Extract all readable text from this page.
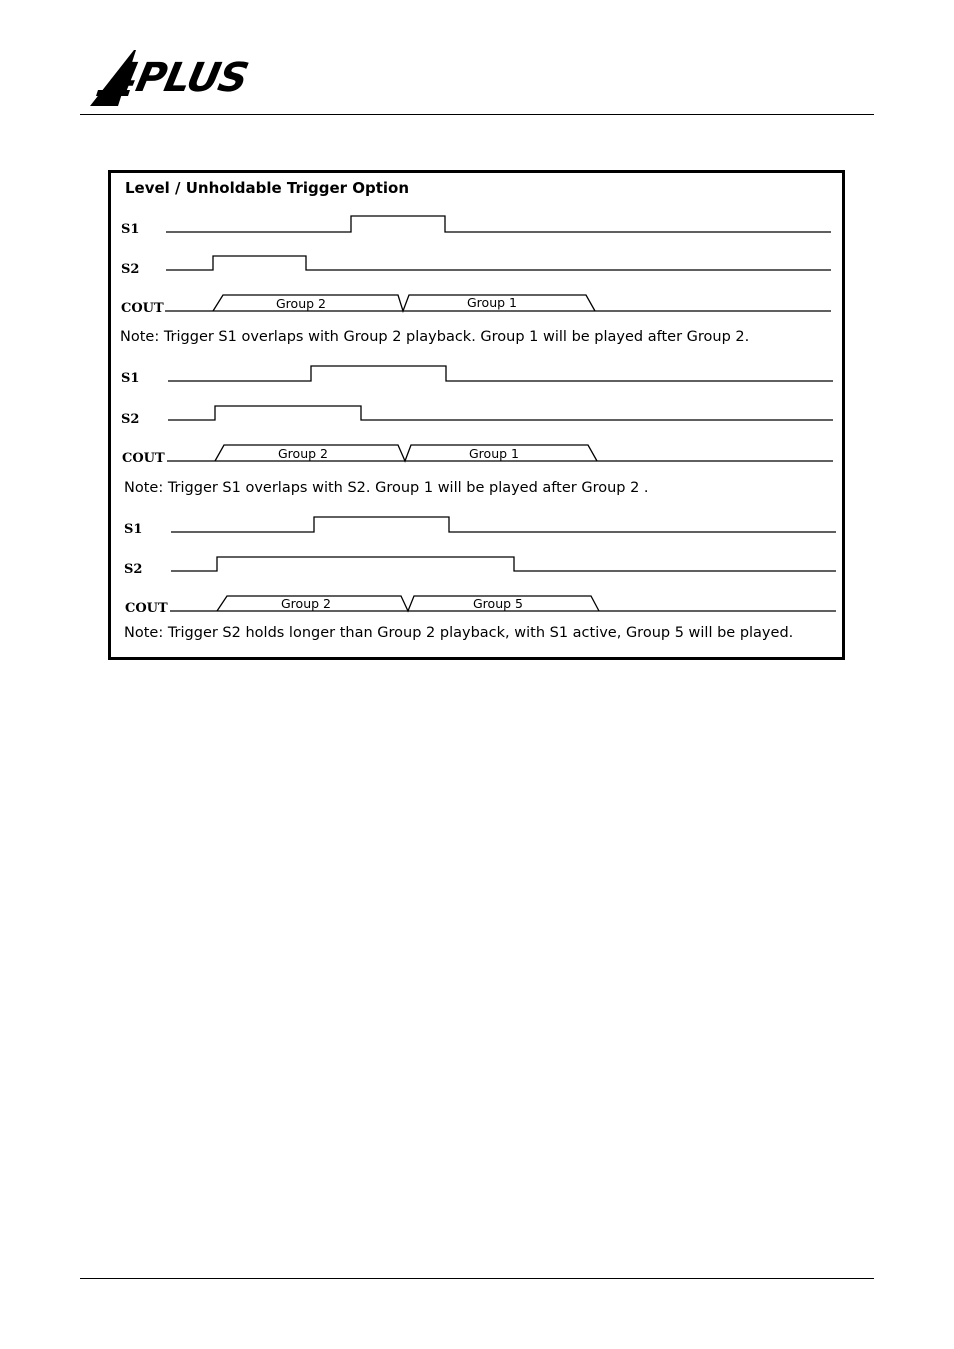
4PLUS
Level / Unholdable Trigger Option
S1
S2
COUT	Group 2	Group 1
S1
S2
COUT	Group 2	Group 1
S1
S2
COUT	Group 2	Group 5
Note: Trigger S1 overlaps with Group 2 playback. Group 1 will be played after Group 2.
Note: Trigger S1 overlaps with S2. Group 1 will be played after Group 2 .
Note: Trigger S2 holds longer than Group 2 playback, with S1 active, Group 5 will be played.
